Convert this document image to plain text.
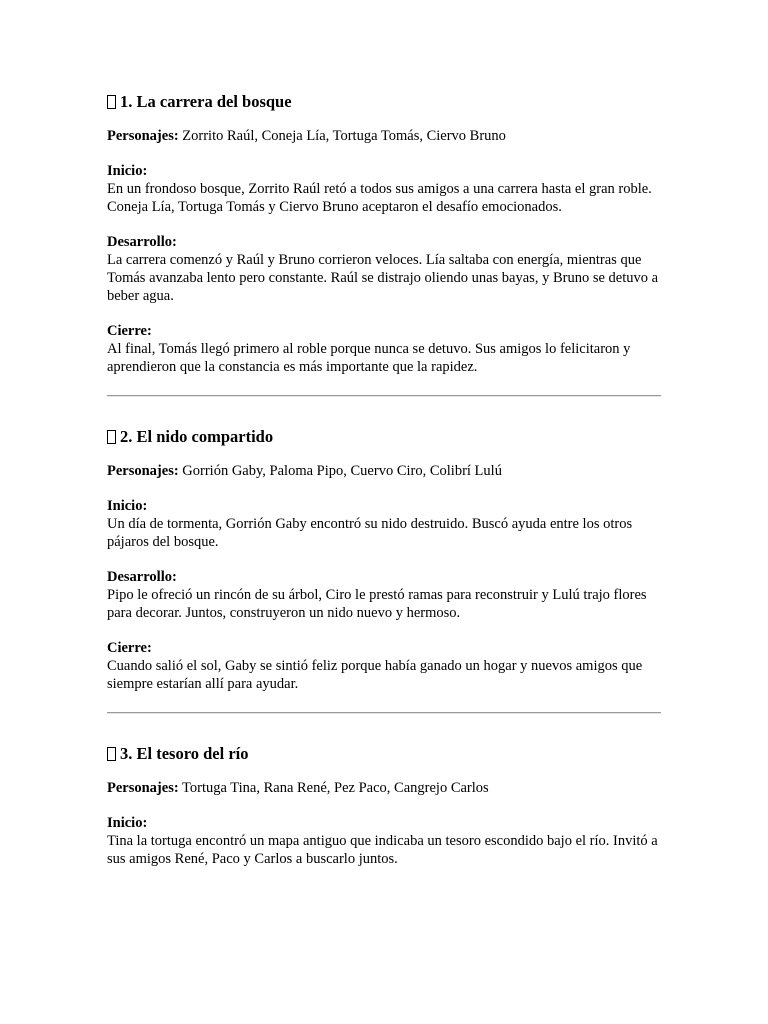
1. La carrera del bosque
Personajes: Zorrito Raúl, Coneja Lía, Tortuga Tomás, Ciervo Bruno
Inicio:
En un frondoso bosque, Zorrito Raúl retó a todos sus amigos a una carrera hasta el gran roble. Coneja Lía, Tortuga Tomás y Ciervo Bruno aceptaron el desafío emocionados.
Desarrollo:
La carrera comenzó y Raúl y Bruno corrieron veloces. Lía saltaba con energía, mientras que Tomás avanzaba lento pero constante. Raúl se distrajo oliendo unas bayas, y Bruno se detuvo a beber agua.
Cierre:
Al final, Tomás llegó primero al roble porque nunca se detuvo. Sus amigos lo felicitaron y aprendieron que la constancia es más importante que la rapidez.
2. El nido compartido
Personajes: Gorrión Gaby, Paloma Pipo, Cuervo Ciro, Colibrí Lulú
Inicio:
Un día de tormenta, Gorrión Gaby encontró su nido destruido. Buscó ayuda entre los otros pájaros del bosque.
Desarrollo:
Pipo le ofreció un rincón de su árbol, Ciro le prestó ramas para reconstruir y Lulú trajo flores para decorar. Juntos, construyeron un nido nuevo y hermoso.
Cierre:
Cuando salió el sol, Gaby se sintió feliz porque había ganado un hogar y nuevos amigos que siempre estarían allí para ayudar.
3. El tesoro del río
Personajes: Tortuga Tina, Rana René, Pez Paco, Cangrejo Carlos
Inicio:
Tina la tortuga encontró un mapa antiguo que indicaba un tesoro escondido bajo el río. Invitó a sus amigos René, Paco y Carlos a buscarlo juntos.
